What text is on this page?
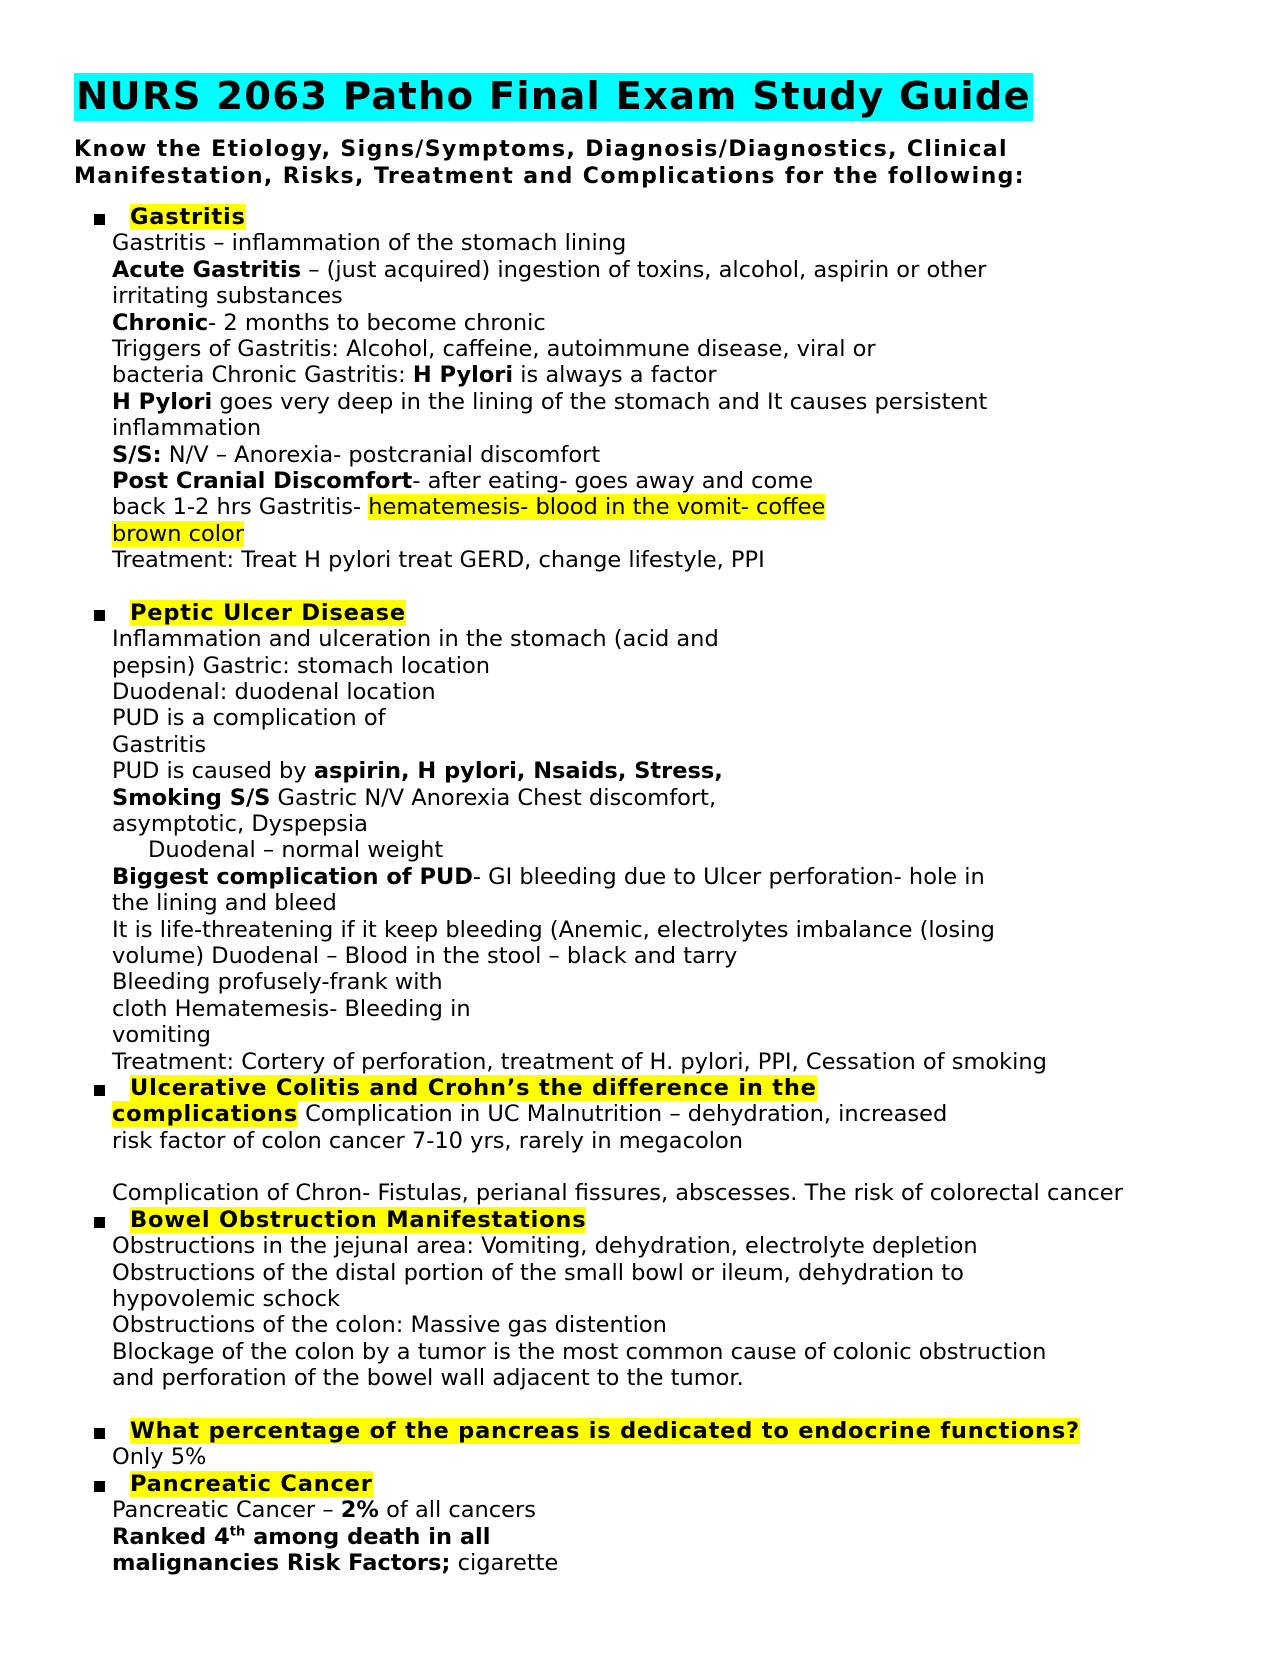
NURS 2063 Patho Final Exam Study Guide
Know the Etiology, Signs/Symptoms, Diagnosis/Diagnostics, Clinical
Manifestation, Risks, Treatment and Complications for the following:
Gastritis
Gastritis – inflammation of the stomach lining
Acute Gastritis – (just acquired) ingestion of toxins, alcohol, aspirin or other
irritating substances
Chronic- 2 months to become chronic
Triggers of Gastritis: Alcohol, caffeine, autoimmune disease, viral or
bacteria Chronic Gastritis: H Pylori is always a factor
H Pylori goes very deep in the lining of the stomach and It causes persistent
inflammation
S/S: N/V – Anorexia- postcranial discomfort
Post Cranial Discomfort- after eating- goes away and come
back 1-2 hrs Gastritis- hematemesis- blood in the vomit- coffee
brown color
Treatment: Treat H pylori treat GERD, change lifestyle, PPI
Peptic Ulcer Disease
Inflammation and ulceration in the stomach (acid and
pepsin) Gastric: stomach location
Duodenal: duodenal location
PUD is a complication of
Gastritis
PUD is caused by aspirin, H pylori, Nsaids, Stress,
Smoking S/S Gastric N/V Anorexia Chest discomfort,
asymptotic, Dyspepsia
Duodenal – normal weight
Biggest complication of PUD- GI bleeding due to Ulcer perforation- hole in
the lining and bleed
It is life-threatening if it keep bleeding (Anemic, electrolytes imbalance (losing
volume) Duodenal – Blood in the stool – black and tarry
Bleeding profusely-frank with
cloth Hematemesis- Bleeding in
vomiting
Treatment: Cortery of perforation, treatment of H. pylori, PPI, Cessation of smoking
Ulcerative Colitis and Crohn’s the difference in the
complications Complication in UC Malnutrition – dehydration, increased
risk factor of colon cancer 7-10 yrs, rarely in megacolon
Complication of Chron- Fistulas, perianal fissures, abscesses. The risk of colorectal cancer
Bowel Obstruction Manifestations
Obstructions in the jejunal area: Vomiting, dehydration, electrolyte depletion
Obstructions of the distal portion of the small bowl or ileum, dehydration to
hypovolemic schock
Obstructions of the colon: Massive gas distention
Blockage of the colon by a tumor is the most common cause of colonic obstruction
and perforation of the bowel wall adjacent to the tumor.
What percentage of the pancreas is dedicated to endocrine functions?
Only 5%
Pancreatic Cancer
Pancreatic Cancer – 2% of all cancers
Ranked 4th among death in all
malignancies Risk Factors; cigarette
